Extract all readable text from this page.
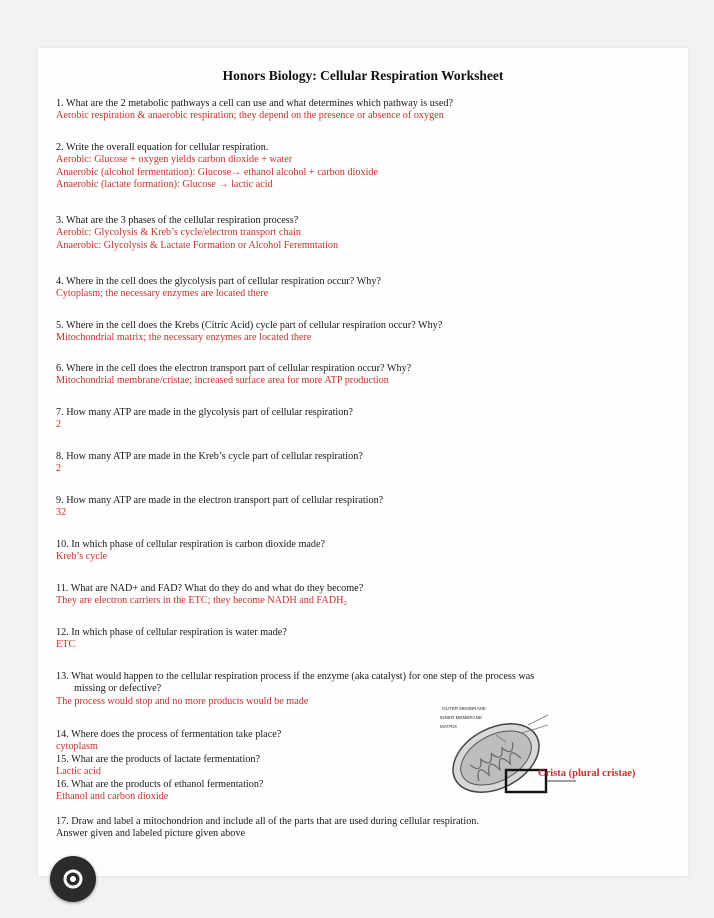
Honors Biology: Cellular Respiration Worksheet
1. What are the 2 metabolic pathways a cell can use and what determines which pathway is used?
Aerobic respiration & anaerobic respiration; they depend on the presence or absence of oxygen
2. Write the overall equation for cellular respiration.
Aerobic: Glucose + oxygen yields carbon dioxide + water
Anaerobic (alcohol fermentation): Glucose→ ethanol alcohol + carbon dioxide
Anaerobic (lactate formation): Glucose → lactic acid
3. What are the 3 phases of the cellular respiration process?
Aerobic: Glycolysis & Kreb’s cycle/electron transport chain
Anaerobic: Glycolysis & Lactate Formation or Alcohol Feremntation
4. Where in the cell does the glycolysis part of cellular respiration occur? Why?
Cytoplasm; the necessary enzymes are located there
5. Where in the cell does the Krebs (Citric Acid) cycle part of cellular respiration occur? Why?
Mitochondrial matrix; the necessary enzymes are located there
6. Where in the cell does the electron transport part of cellular respiration occur? Why?
Mitochondrial membrane/cristae; increased surface area for more ATP production
7. How many ATP are made in the glycolysis part of cellular respiration?
2
8. How many ATP are made in the Kreb’s cycle part of cellular respiration?
2
9. How many ATP are made in the electron transport part of cellular respiration?
32
10. In which phase of cellular respiration is carbon dioxide made?
Kreb’s cycle
11. What are NAD+ and FAD? What do they do and what do they become?
They are electron carriers in the ETC; they become NADH and FADH₂
12. In which phase of cellular respiration is water made?
ETC
13. What would happen to the cellular respiration process if the enzyme (aka catalyst) for one step of the process was
missing or defective?
The process would stop and no more products would be made
14. Where does the process of fermentation take place?
cytoplasm
15. What are the products of lactate fermentation?
Lactic acid
16. What are the products of ethanol fermentation?
Ethanol and carbon dioxide
17. Draw and label a mitochondrion and include all of the parts that are used during cellular respiration.
Answer given and labeled picture given above
OUTER MEMBRANE
INNER MEMBRANE
MATRIX
Crista (plural cristae)
